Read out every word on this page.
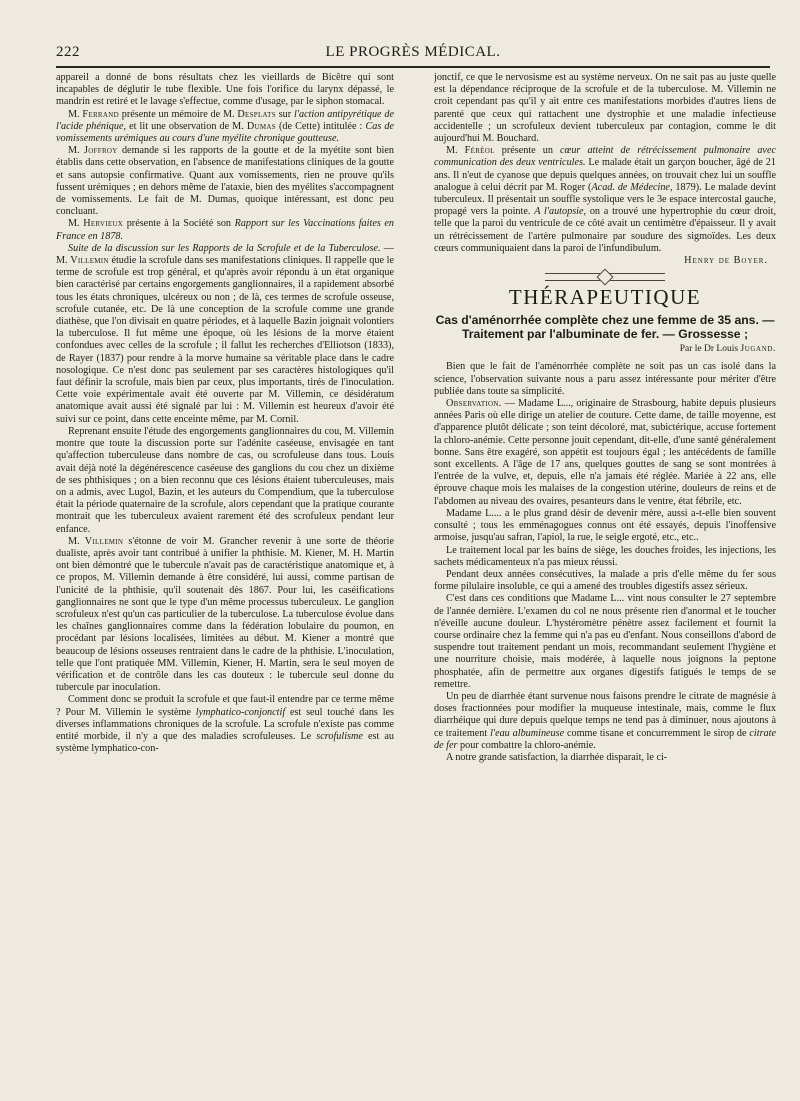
222	LE PROGRÈS MÉDICAL.

appareil a donné de bons résultats chez les vieillards de Bicêtre qui sont incapables de déglutir le tube flexible. Une fois l'orifice du larynx dépassé, le mandrin est retiré et le lavage s'effectue, comme d'usage, par le siphon stomacal.

M. Ferrand présente un mémoire de M. Desplats sur l'action antipyrétique de l'acide phénique, et lit une observation de M. Dumas (de Cette) intitulée : Cas de vomissements urémiques au cours d'une myélite chronique goutteuse.

M. Joffroy demande si les rapports de la goutte et de la myétite sont bien établis dans cette observation, en l'absence de manifestations cliniques de la goutte et sans autopsie confirmative. Quant aux vomissements, rien ne prouve qu'ils fussent urémiques ; en dehors même de l'ataxie, bien des myélites s'accompagnent de vomissements. Le fait de M. Dumas, quoique intéressant, est donc peu concluant.

M. Hervieux présente à la Société son Rapport sur les Vaccinations faites en France en 1878.

Suite de la discussion sur les Rapports de la Scrofule et de la Tuberculose. — M. Villemin étudie la scrofule dans ses manifestations cliniques. Il rappelle que le terme de scrofule est trop général, et qu'après avoir répondu à un état organique bien caractérisé par certains engorgements ganglionnaires, il a rapidement absorbé tous les états chroniques, ulcéreux ou non ; de là, ces termes de scrofule osseuse, scrofule cutanée, etc. De là une conception de la scrofule comme une grande diathèse, que l'on divisait en quatre périodes, et à laquelle Bazin joignait volontiers la tuberculose. Il fut même une époque, où les lésions de la morve étaient confondues avec celles de la scrofule ; il fallut les recherches d'Elliotson (1833), de Rayer (1837) pour rendre à la morve humaine sa véritable place dans le cadre nosologique. Ce n'est donc pas seulement par ses caractères histologiques qu'il faut définir la scrofule, mais bien par ceux, plus importants, tirés de l'inoculation. Cette voie expérimentale avait été ouverte par M. Villemin, ce désidératum anatomique avait aussi été signalé par lui : M. Villemin est heureux d'avoir été suivi sur ce point, dans cette enceinte même, par M. Cornil.

Reprenant ensuite l'étude des engorgements ganglionnaires du cou, M. Villemin montre que toute la discussion porte sur l'adénite caséeuse, envisagée en tant qu'affection tuberculeuse dans nombre de cas, ou scrofuleuse dans tous. Louis avait déjà noté la dégénérescence caséeuse des ganglions du cou chez un dixième de ses phthisiques ; on a bien reconnu que ces lésions étaient tuberculeuses, mais on a admis, avec Lugol, Bazin, et les auteurs du Compendium, que la tuberculose était la période quaternaire de la scrofule, alors cependant que la pratique courante montrait que les tuberculeux avaient rarement été des scrofuleux pendant leur enfance.

M. Villemin s'étonne de voir M. Grancher revenir à une sorte de théorie dualiste, après avoir tant contribué à unifier la phthisie. M. Kiener, M. H. Martin ont bien démontré que le tubercule n'avait pas de caractéristique anatomique et, à ce propos, M. Villemin demande à être considéré, lui aussi, comme partisan de l'unicité de la phthisie, qu'il soutenait dès 1867. Pour lui, les caséifications ganglionnaires ne sont que le type d'un même processus tuberculeux. Le ganglion scrofuleux n'est qu'un cas particulier de la tuberculose. La tuberculose évolue dans les chaînes ganglionnaires comme dans la fédération lobulaire du poumon, en procédant par lésions localisées, limitées au début. M. Kiener a montré que beaucoup de lésions osseuses rentraient dans le cadre de la phthisie. L'inoculation, telle que l'ont pratiquée MM. Villemin, Kiener, H. Martin, sera le seul moyen de vérification et de contrôle dans les cas douteux : le tubercule seul donne du tubercule par inoculation.

Comment donc se produit la scrofule et que faut-il entendre par ce terme même ? Pour M. Villemin le système lymphatico-conjonctif est seul touché dans les diverses inflammations chroniques de la scrofule. La scrofule n'existe pas comme entité morbide, il n'y a que des maladies scrofuleuses. Le scrofulisme est au système lymphatico-con-

jonctif, ce que le nervosisme est au système nerveux. On ne sait pas au juste quelle est la dépendance réciproque de la scrofule et de la tuberculose. M. Villemin ne croit cependant pas qu'il y ait entre ces manifestations morbides d'autres liens de parenté que ceux qui rattachent une dystrophie et une maladie infectieuse accidentelle ; un scrofuleux devient tuberculeux par contagion, comme le dit aujourd'hui M. Bouchard.

M. Féréol présente un cœur atteint de rétrécissement pulmonaire avec communication des deux ventricules. Le malade était un garçon boucher, âgé de 21 ans. Il n'eut de cyanose que depuis quelques années, on trouvait chez lui un souffle analogue à celui décrit par M. Roger (Acad. de Médecine, 1879). Le malade devint tuberculeux. Il présentait un souffle systolique vers le 3e espace intercostal gauche, propagé vers la pointe. A l'autopsie, on a trouvé une hypertrophie du cœur droit, telle que la paroi du ventricule de ce côté avait un centimètre d'épaisseur. Il y avait un rétrécissement de l'artère pulmonaire par soudure des sigmoïdes. Les deux cœurs communiquaient dans la paroi de l'infundibulum.

Henry de Boyer.

THÉRAPEUTIQUE
Cas d'aménorrhée complète chez une femme de 35 ans. — Traitement par l'albuminate de fer. — Grossesse ;
Par le Dr Louis Jugand.

Bien que le fait de l'aménorrhée complète ne soit pas un cas isolé dans la science, l'observation suivante nous a paru assez intéressante pour mériter d'être publiée dans toute sa simplicité.

Observation. — Madame L..., originaire de Strasbourg, habite depuis plusieurs années Paris où elle dirige un atelier de couture. Cette dame, de taille moyenne, est d'apparence plutôt délicate ; son teint décoloré, mat, subictérique, accuse fortement la chloro-anémie. Cette personne jouit cependant, dit-elle, d'une santé généralement bonne. Sans être exagéré, son appétit est toujours égal ; les antécédents de famille sont excellents. A l'âge de 17 ans, quelques gouttes de sang se sont montrées à l'entrée de la vulve, et, depuis, elle n'a jamais été réglée. Mariée à 22 ans, elle éprouve chaque mois les malaises de la congestion utérine, douleurs de reins et de l'abdomen au niveau des ovaires, pesanteurs dans le ventre, état fébrile, etc.

Madame L.... a le plus grand désir de devenir mère, aussi a-t-elle bien souvent consulté ; tous les emménagogues connus ont été essayés, depuis l'inoffensive armoise, jusqu'au safran, l'apiol, la rue, le seigle ergoté, etc., etc..

Le traitement local par les bains de siège, les douches froides, les injections, les sachets médicamenteux n'a pas mieux réussi.

Pendant deux années consécutives, la malade a pris d'elle même du fer sous forme pilulaire insoluble, ce qui a amené des troubles digestifs assez sérieux.

C'est dans ces conditions que Madame L... vint nous consulter le 27 septembre de l'année dernière. L'examen du col ne nous présente rien d'anormal et le toucher n'éveille aucune douleur. L'hystéromètre pénètre assez facilement et fournit la course ordinaire chez la femme qui n'a pas eu d'enfant. Nous conseillons d'abord de suspendre tout traitement pendant un mois, recommandant seulement l'hygiène et une nourriture choisie, mais modérée, à laquelle nous joignons la peptone phosphatée, afin de permettre aux organes digestifs fatigués le temps de se remettre.

Un peu de diarrhée étant survenue nous faisons prendre le citrate de magnésie à doses fractionnées pour modifier la muqueuse intestinale, mais, comme le flux diarrhéique qui dure depuis quelque temps ne tend pas à diminuer, nous ajoutons à ce traitement l'eau albumineuse comme tisane et concurremment le sirop de citrate de fer pour combattre la chloro-anémie.

A notre grande satisfaction, la diarrhée disparait, le ci-
